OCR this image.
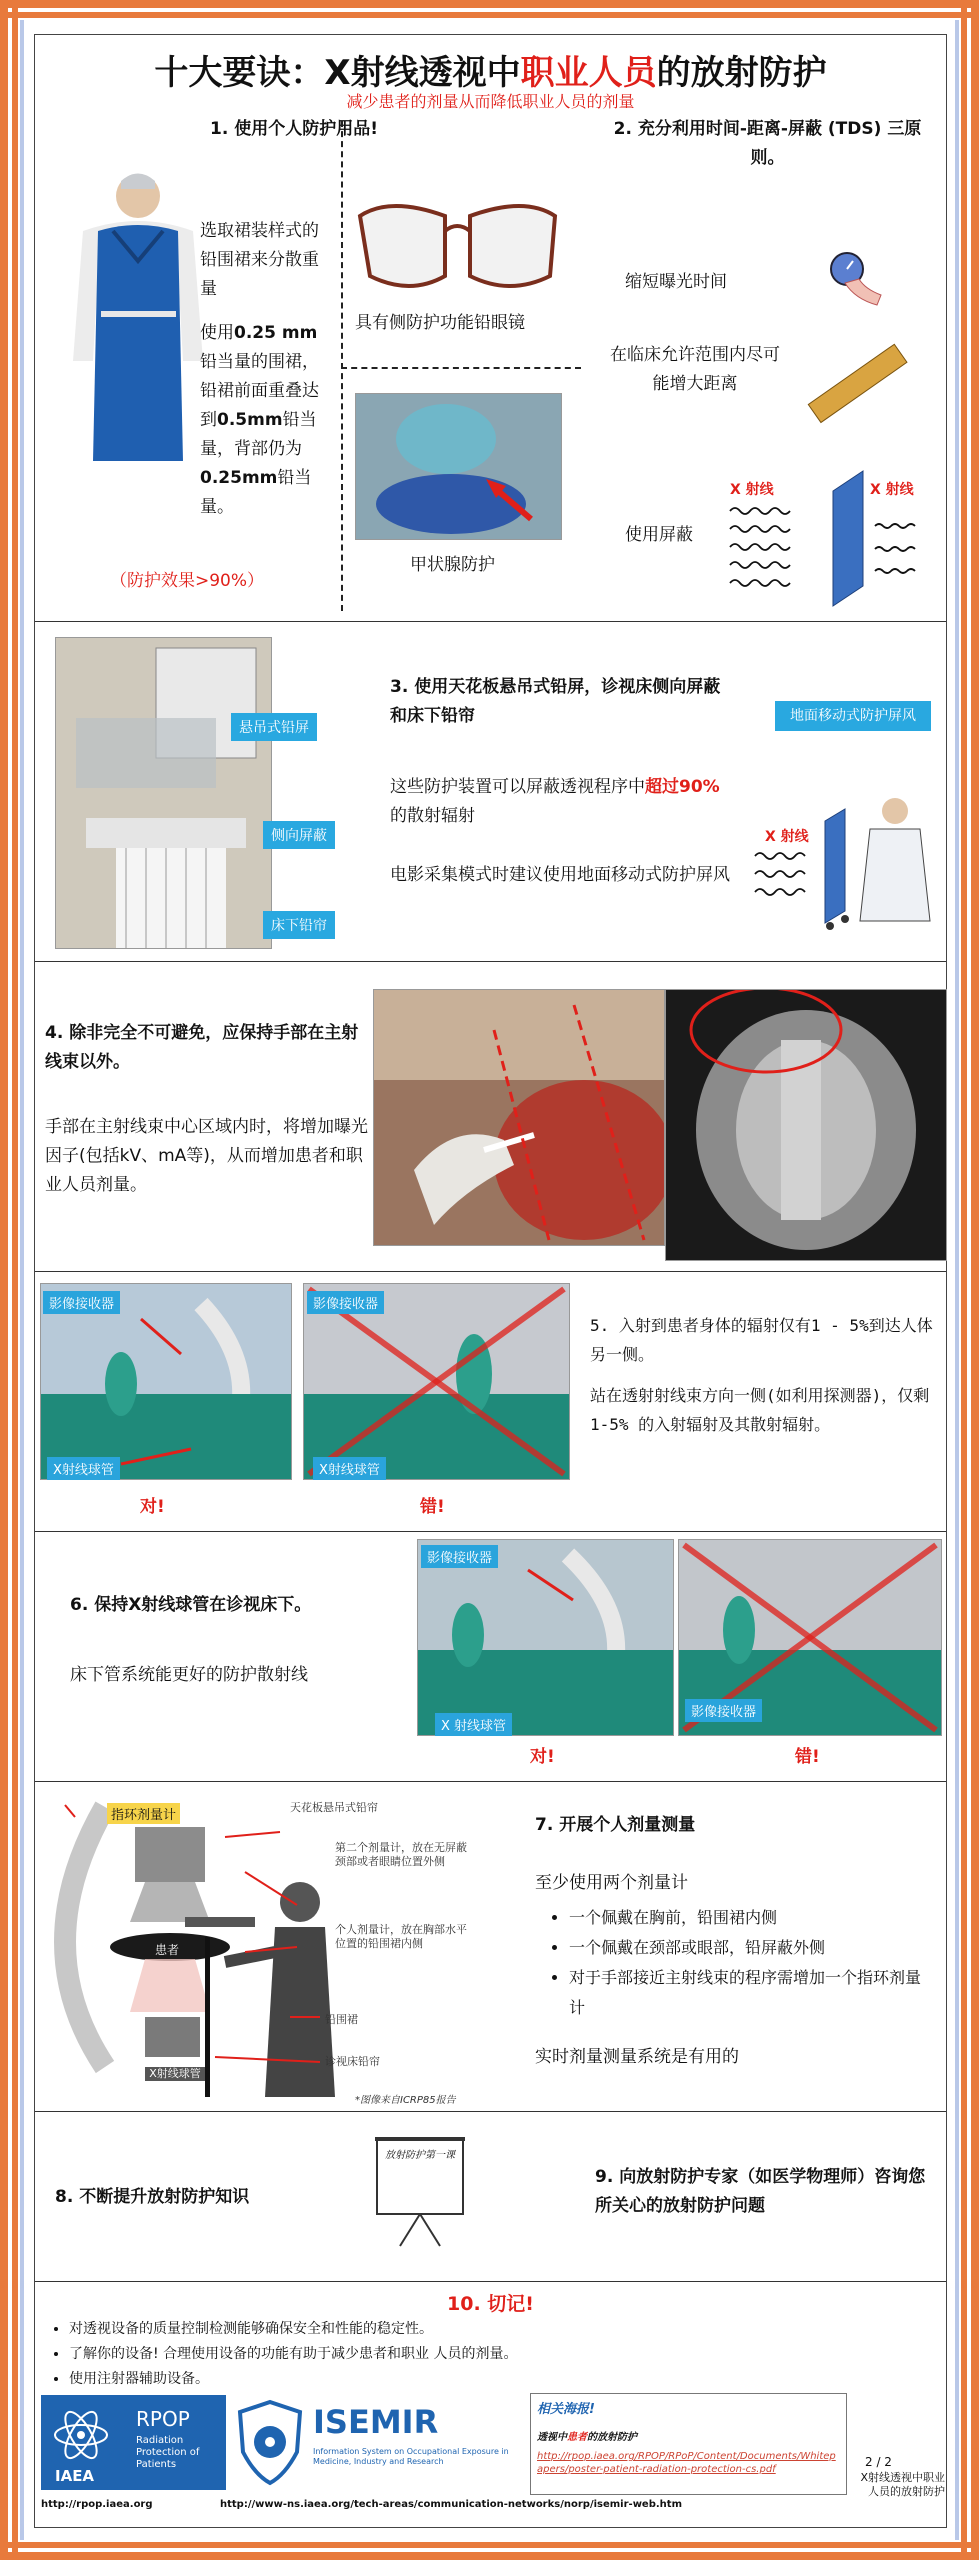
十大要诀：X射线透视中职业人员的放射防护
减少患者的剂量从而降低职业人员的剂量
1. 使用个人防护用品!
选取裙装样式的铅围裙来分散重量
使用0.25 mm铅当量的围裙，铅裙前面重叠达到0.5mm铅当量，背部仍为0.25mm铅当量。
（防护效果>90%）
具有侧防护功能铅眼镜
甲状腺防护
2. 充分利用时间-距离-屏蔽 (TDS) 三原则。
缩短曝光时间
在临床允许范围内尽可能增大距离
X 射线	X 射线
使用屏蔽
悬吊式铅屏
侧向屏蔽
床下铅帘
3. 使用天花板悬吊式铅屏，诊视床侧向屏蔽和床下铅帘
这些防护装置可以屏蔽透视程序中超过90%的散射辐射
电影采集模式时建议使用地面移动式防护屏风
地面移动式防护屏风
X 射线
4. 除非完全不可避免，应保持手部在主射线束以外。
手部在主射线束中心区域内时，将增加曝光因子(包括kV、mA等)，从而增加患者和职业人员剂量。
影像接收器
X射线球管
影像接收器
X射线球管
对!	错!
5. 入射到患者身体的辐射仅有1 - 5%到达人体另一侧。
站在透射射线束方向一侧(如利用探测器)，仅剩1-5% 的入射辐射及其散射辐射。
6. 保持X射线球管在诊视床下。
床下管系统能更好的防护散射线
影像接收器
X 射线球管
影像接收器
对!	错!
指环剂量计
天花板悬吊式铅帘
第二个剂量计，放在无屏蔽颈部或者眼睛位置外侧
个人剂量计，放在胸部水平位置的铅围裙内侧
患者
铅围裙
诊视床铅帘
X射线球管
*图像来自ICRP85报告
7. 开展个人剂量测量
至少使用两个剂量计
• 一个佩戴在胸前，铅围裙内侧
• 一个佩戴在颈部或眼部，铅屏蔽外侧
• 对于手部接近主射线束的程序需增加一个指环剂量计
实时剂量测量系统是有用的
8. 不断提升放射防护知识
放射防护第一课
9. 向放射防护专家（如医学物理师）咨询您所关心的放射防护问题
10. 切记!
• 对透视设备的质量控制检测能够确保安全和性能的稳定性。
• 了解你的设备! 合理使用设备的功能有助于减少患者和职业 人员的剂量。
• 使用注射器辅助设备。
IAEA
RPOP
Radiation Protection of Patients
ISEMIR
Information System on Occupational Exposure in Medicine, Industry and Research
相关海报!
透视中患者的放射防护
http://rpop.iaea.org/RPOP/RPoP/Content/Documents/Whitepapers/poster-patient-radiation-protection-cs.pdf
2 / 2
X射线透视中职业人员的放射防护
http://rpop.iaea.org	http://www-ns.iaea.org/tech-areas/communication-networks/norp/isemir-web.htm
